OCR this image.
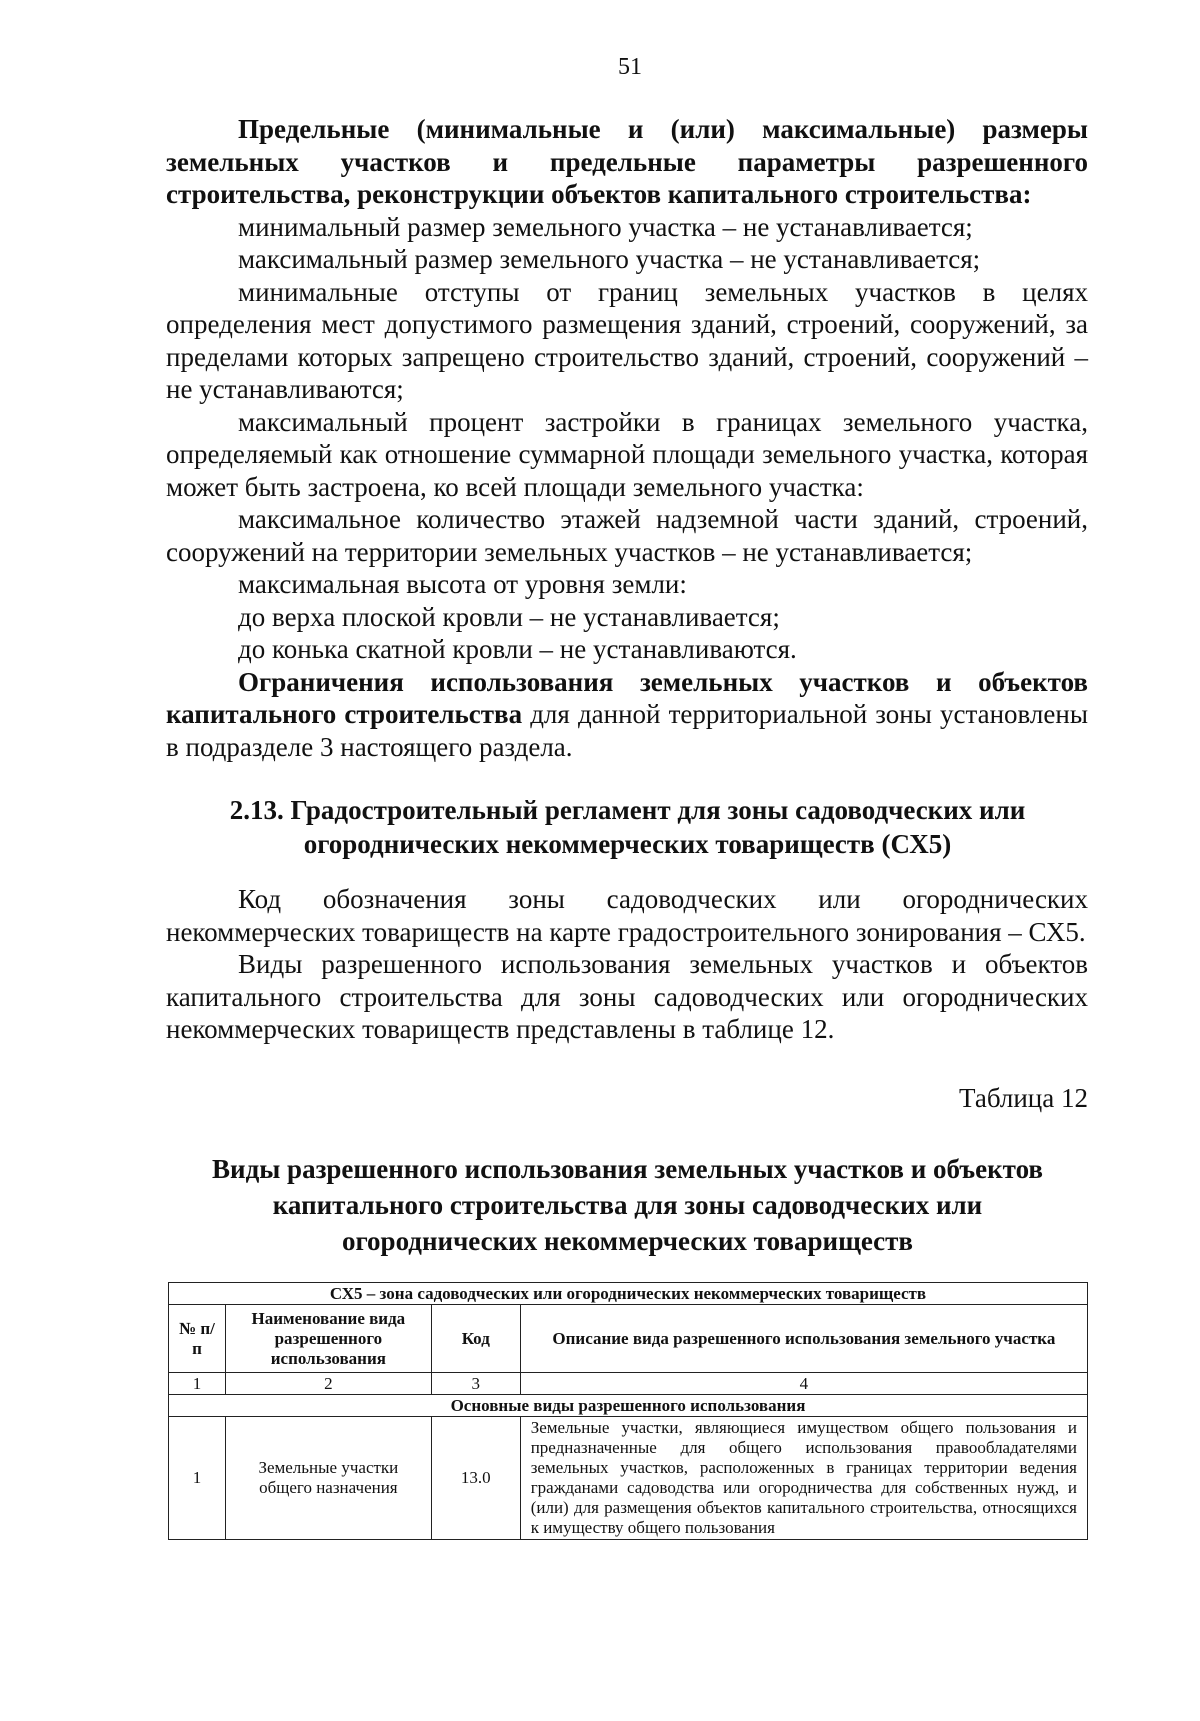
51

Предельные (минимальные и (или) максимальные) размеры земельных участков и предельные параметры разрешенного строительства, реконструкции объектов капитального строительства:

минимальный размер земельного участка – не устанавливается;

максимальный размер земельного участка – не устанавливается;

минимальные отступы от границ земельных участков в целях определения мест допустимого размещения зданий, строений, сооружений, за пределами которых запрещено строительство зданий, строений, сооружений – не устанавливаются;

максимальный процент застройки в границах земельного участка, определяемый как отношение суммарной площади земельного участка, которая может быть застроена, ко всей площади земельного участка:

максимальное количество этажей надземной части зданий, строений, сооружений на территории земельных участков – не устанавливается;

максимальная высота от уровня земли:

до верха плоской кровли – не устанавливается;

до конька скатной кровли – не устанавливаются.

Ограничения использования земельных участков и объектов капитального строительства для данной территориальной зоны установлены в подразделе 3 настоящего раздела.

2.13. Градостроительный регламент для зоны садоводческих или
огороднических некоммерческих товариществ (СХ5)

Код обозначения зоны садоводческих или огороднических некоммерческих товариществ на карте градостроительного зонирования – СХ5.

Виды разрешенного использования земельных участков и объектов капитального строительства для зоны садоводческих или огороднических некоммерческих товариществ представлены в таблице 12.

Таблица 12
Виды разрешенного использования земельных участков и объектов
капитального строительства для зоны садоводческих или
огороднических некоммерческих товариществ
СХ5 – зона садоводческих или огороднических некоммерческих товариществ			
№ п/п	Наименование вида разрешенного использования	Код	Описание вида разрешенного использования земельного участка
1	2	3	4
Основные виды разрешенного использования			
1	Земельные участки общего назначения	13.0	Земельные участки, являющиеся имуществом общего пользования и предназначенные для общего использования правообладателями земельных участков, расположенных в границах территории ведения гражданами садоводства или огородничества для собственных нужд, и (или) для размещения объектов капитального строительства, относящихся к имуществу общего пользования
